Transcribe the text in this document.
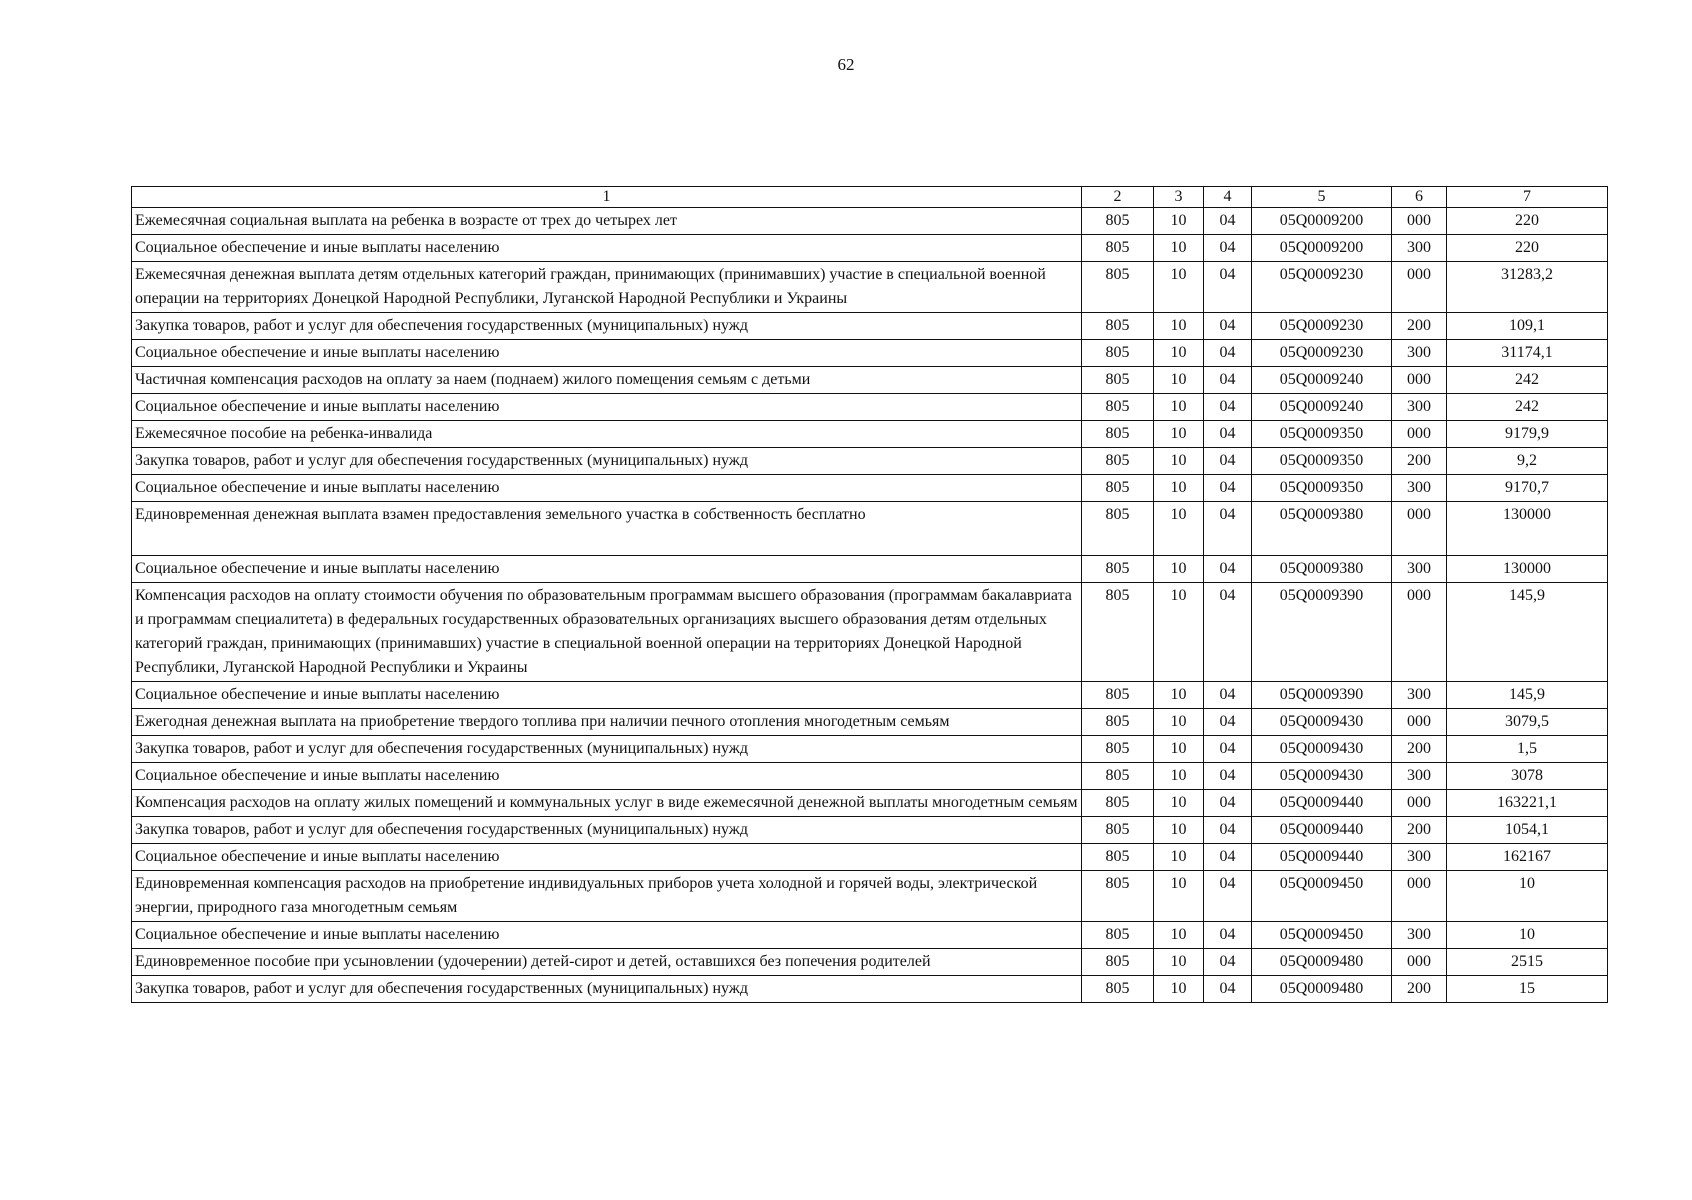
62
1	2	3	4	5	6	7
Ежемесячная социальная выплата на ребенка в возрасте от трех до четырех лет	805	10	04	05Q0009200	000	220
Социальное обеспечение и иные выплаты населению	805	10	04	05Q0009200	300	220
Ежемесячная денежная выплата детям отдельных категорий граждан, принимающих (принимавших) участие в специальной военной операции на территориях Донецкой Народной Республики, Луганской Народной Республики и Украины	805	10	04	05Q0009230	000	31283,2
Закупка товаров, работ и услуг для обеспечения государственных (муниципальных) нужд	805	10	04	05Q0009230	200	109,1
Социальное обеспечение и иные выплаты населению	805	10	04	05Q0009230	300	31174,1
Частичная компенсация расходов на оплату за наем (поднаем) жилого помещения семьям с детьми	805	10	04	05Q0009240	000	242
Социальное обеспечение и иные выплаты населению	805	10	04	05Q0009240	300	242
Ежемесячное пособие на ребенка-инвалида	805	10	04	05Q0009350	000	9179,9
Закупка товаров, работ и услуг для обеспечения государственных (муниципальных) нужд	805	10	04	05Q0009350	200	9,2
Социальное обеспечение и иные выплаты населению	805	10	04	05Q0009350	300	9170,7
Единовременная денежная выплата взамен предоставления земельного участка в собственность бесплатно	805	10	04	05Q0009380	000	130000
Социальное обеспечение и иные выплаты населению	805	10	04	05Q0009380	300	130000
Компенсация расходов на оплату стоимости обучения по образовательным программам высшего образования (программам бакалавриата и программам специалитета) в федеральных государственных образовательных организациях высшего образования детям отдельных категорий граждан, принимающих (принимавших) участие в специальной военной операции на территориях Донецкой Народной Республики, Луганской Народной Республики и Украины	805	10	04	05Q0009390	000	145,9
Социальное обеспечение и иные выплаты населению	805	10	04	05Q0009390	300	145,9
Ежегодная денежная выплата на приобретение твердого топлива при наличии печного отопления многодетным семьям	805	10	04	05Q0009430	000	3079,5
Закупка товаров, работ и услуг для обеспечения государственных (муниципальных) нужд	805	10	04	05Q0009430	200	1,5
Социальное обеспечение и иные выплаты населению	805	10	04	05Q0009430	300	3078
Компенсация расходов на оплату жилых помещений и коммунальных услуг в виде ежемесячной денежной выплаты многодетным семьям	805	10	04	05Q0009440	000	163221,1
Закупка товаров, работ и услуг для обеспечения государственных (муниципальных) нужд	805	10	04	05Q0009440	200	1054,1
Социальное обеспечение и иные выплаты населению	805	10	04	05Q0009440	300	162167
Единовременная компенсация расходов на приобретение индивидуальных приборов учета холодной и горячей воды, электрической энергии, природного газа многодетным семьям	805	10	04	05Q0009450	000	10
Социальное обеспечение и иные выплаты населению	805	10	04	05Q0009450	300	10
Единовременное пособие при усыновлении (удочерении) детей-сирот и детей, оставшихся без попечения родителей	805	10	04	05Q0009480	000	2515
Закупка товаров, работ и услуг для обеспечения государственных (муниципальных) нужд	805	10	04	05Q0009480	200	15
